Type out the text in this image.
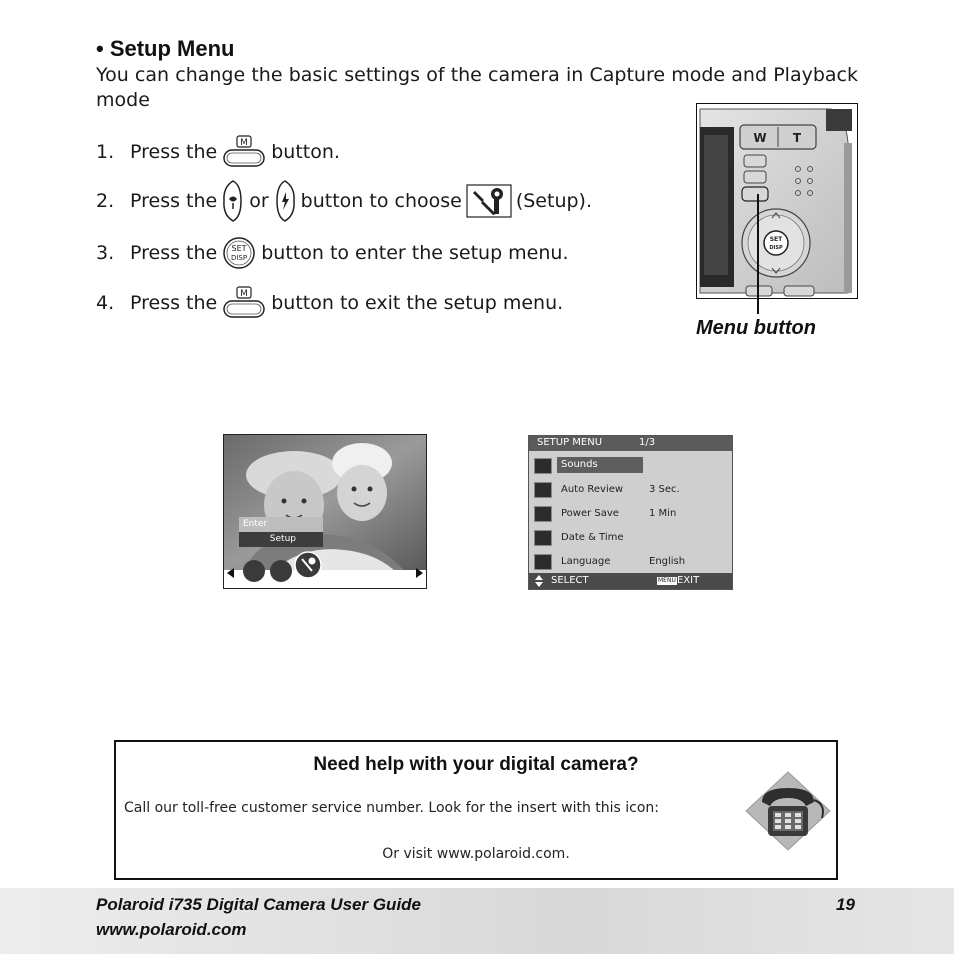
• Setup Menu
You can change the basic settings of the camera in Capture mode and Playback mode
1. Press the	M button.
2. Press the or button to choose	(Setup).
3. Press the SET
DISP button to enter the setup menu.
4. Press the	M button to exit the setup menu.
W T
SET
DISP
Menu button
Enter
Setup
SETUP MENU	1/3
Sounds
Auto Review	3 Sec.
Power Save	1 Min
Date & Time
Language	English
SELECT	MENU EXIT
Need help with your digital camera?
Call our toll-free customer service number. Look for the insert with this icon:
Or visit www.polaroid.com.
Polaroid i735 Digital Camera User Guide
www.polaroid.com
19
